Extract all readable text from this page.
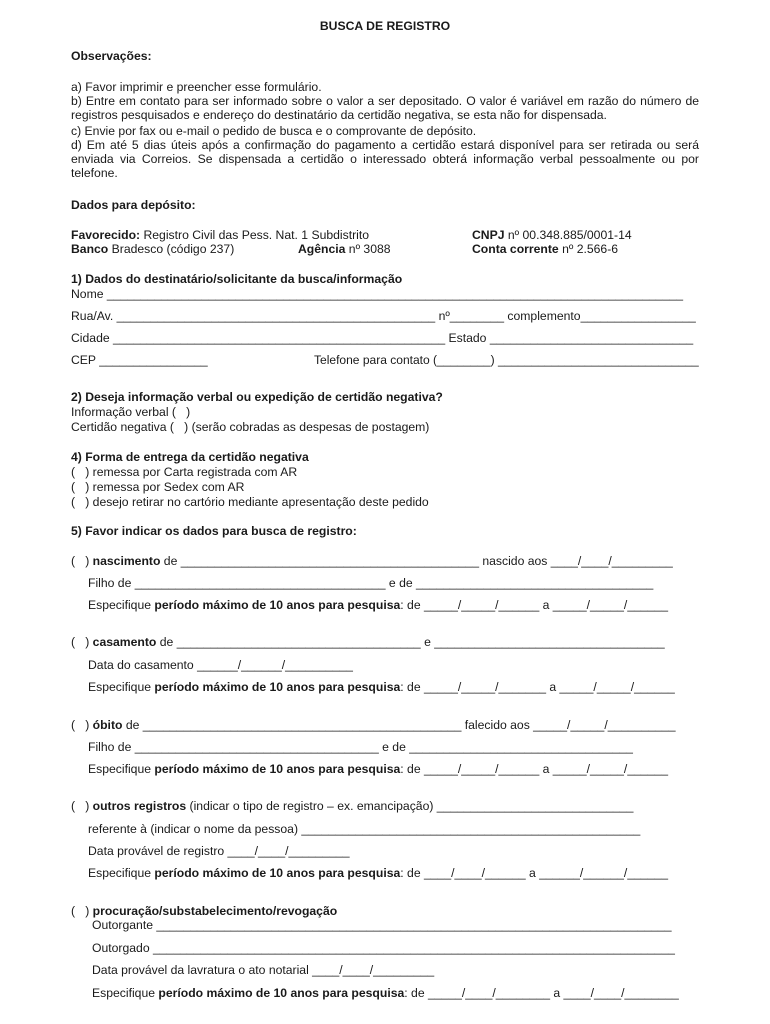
BUSCA DE REGISTRO
Observações:
a) Favor imprimir e preencher esse formulário.
b) Entre em contato para ser informado sobre o valor a ser depositado. O valor é variável em razão do número de registros pesquisados e endereço do destinatário da certidão negativa, se esta não for dispensada.
c) Envie por fax ou e-mail o pedido de busca e o comprovante de depósito.
d) Em até 5 dias úteis após a confirmação do pagamento a certidão estará disponível para ser retirada ou será enviada via Correios. Se dispensada a certidão o interessado obterá informação verbal pessoalmente ou por telefone.
Dados para depósito:
Favorecido: Registro Civil das Pess. Nat. 1 Subdistrito	CNPJ nº 00.348.885/0001-14
Banco Bradesco (código 237)	Agência nº 3088	Conta corrente nº 2.566-6
1) Dados do destinatário/solicitante da busca/informação
Nome _____________________________________________________________________________________
Rua/Av. _______________________________________________ nº________ complemento_________________
Cidade _________________________________________________ Estado ______________________________
CEP ________________	Telefone para contato (________) ______________________________
2) Deseja informação verbal ou expedição de certidão negativa?
Informação verbal (   )
Certidão negativa (   ) (serão cobradas as despesas de postagem)
4) Forma de entrega da certidão negativa
(   ) remessa por Carta registrada com AR
(   ) remessa por Sedex com AR
(   ) desejo retirar no cartório mediante apresentação deste pedido
5) Favor indicar os dados para busca de registro:
(   ) nascimento de ____________________________________________ nascido aos ____/____/_________
Filho de _____________________________________ e de ___________________________________
Especifique período máximo de 10 anos para pesquisa: de _____/_____/______ a _____/_____/______
(   ) casamento de ____________________________________ e __________________________________
Data do casamento ______/______/__________
Especifique período máximo de 10 anos para pesquisa: de _____/_____/_______ a _____/_____/______
(   ) óbito de _______________________________________________ falecido aos _____/_____/__________
Filho de ____________________________________ e de _________________________________
Especifique período máximo de 10 anos para pesquisa: de _____/_____/______ a _____/_____/______
(   ) outros registros (indicar o tipo de registro – ex. emancipação) _____________________________
referente à (indicar o nome da pessoa) __________________________________________________
Data provável de registro ____/____/_________
Especifique período máximo de 10 anos para pesquisa: de ____/____/______ a ______/______/______
(   ) procuração/substabelecimento/revogação
Outorgante ____________________________________________________________________________
Outorgado _____________________________________________________________________________
Data provável da lavratura o ato notarial ____/____/_________
Especifique período máximo de 10 anos para pesquisa: de _____/____/________ a ____/____/________
